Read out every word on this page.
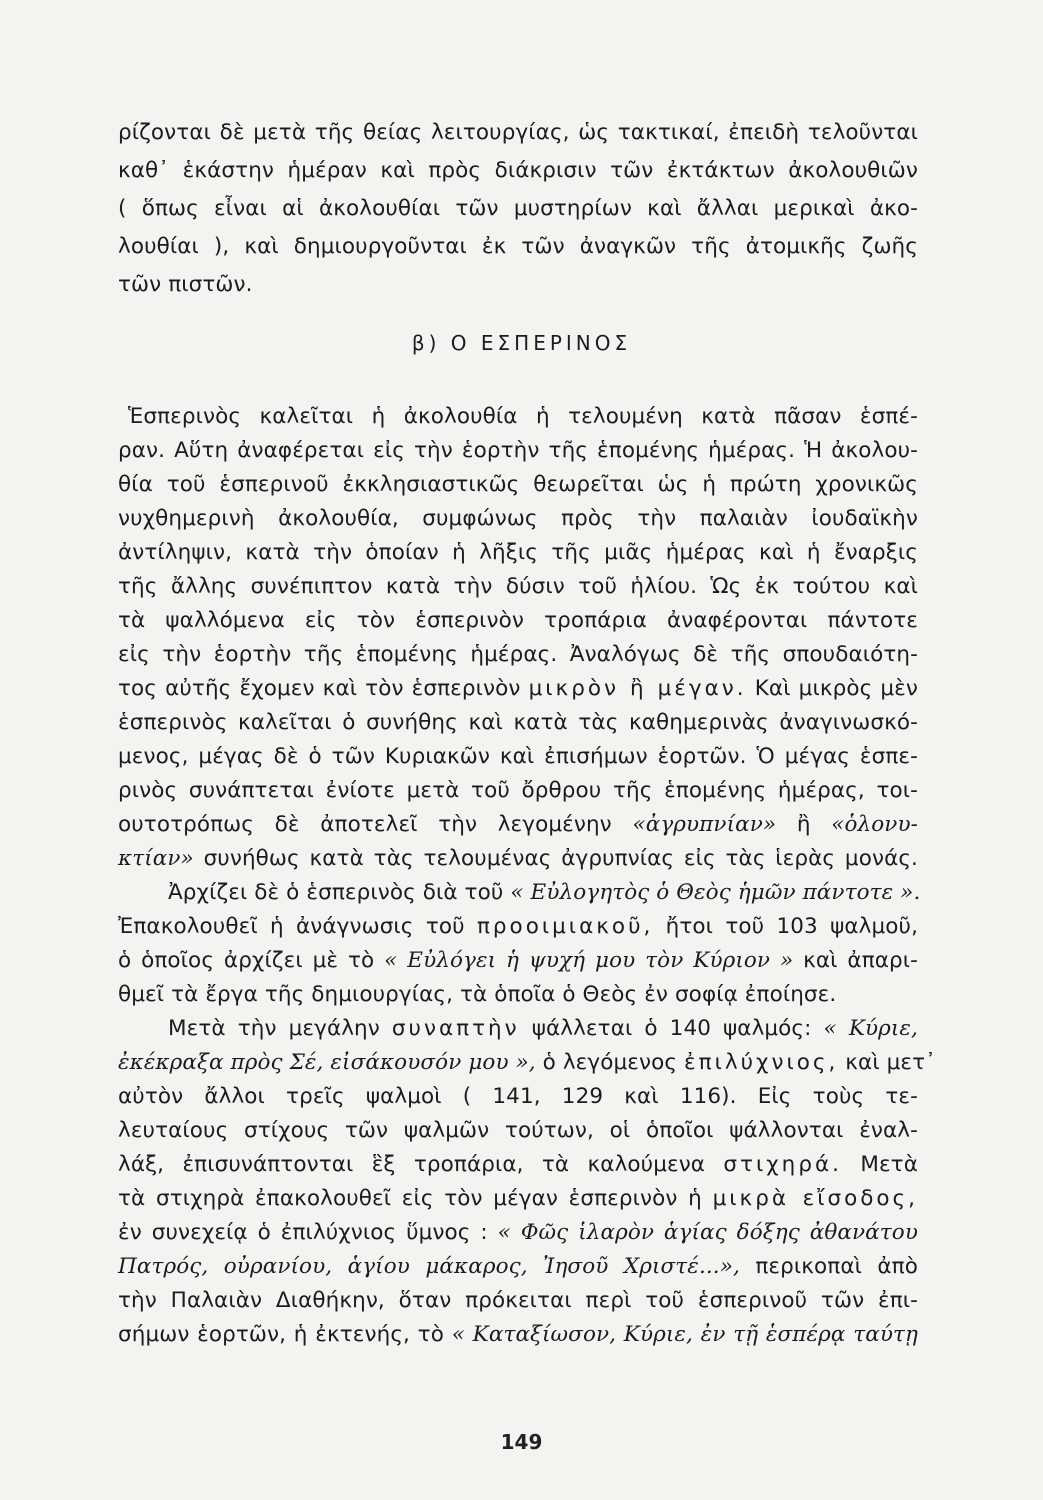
ρίζονται δὲ μετὰ τῆς θείας λειτουργίας, ὡς τακτικαί, ἐπειδὴ τελοῦνται
καθ᾽ ἑκάστην ἡμέραν καὶ πρὸς διάκρισιν τῶν ἐκτάκτων ἀκολουθιῶν
( ὅπως εἶναι αἱ ἀκολουθίαι τῶν μυστηρίων καὶ ἄλλαι μερικαὶ ἀκο-
λουθίαι ), καὶ δημιουργοῦνται ἐκ τῶν ἀναγκῶν τῆς ἀτομικῆς ζωῆς
τῶν πιστῶν.
β) Ο ΕΣΠΕΡΙΝΟΣ
Ἑσπερινὸς καλεῖται ἡ ἀκολουθία ἡ τελουμένη κατὰ πᾶσαν ἑσπέ-
ραν. Αὕτη ἀναφέρεται εἰς τὴν ἑορτὴν τῆς ἑπομένης ἡμέρας. Ἡ ἀκολου-
θία τοῦ ἑσπερινοῦ ἐκκλησιαστικῶς θεωρεῖται ὡς ἡ πρώτη χρονικῶς
νυχθημερινὴ ἀκολουθία, συμφώνως πρὸς τὴν παλαιὰν ἰουδαϊκὴν
ἀντίληψιν, κατὰ τὴν ὁποίαν ἡ λῆξις τῆς μιᾶς ἡμέρας καὶ ἡ ἔναρξις
τῆς ἄλλης συνέπιπτον κατὰ τὴν δύσιν τοῦ ἡλίου. Ὡς ἐκ τούτου καὶ
τὰ ψαλλόμενα εἰς τὸν ἑσπερινὸν τροπάρια ἀναφέρονται πάντοτε
εἰς τὴν ἑορτὴν τῆς ἑπομένης ἡμέρας. Ἀναλόγως δὲ τῆς σπουδαιότη-
τος αὐτῆς ἔχομεν καὶ τὸν ἑσπερινὸν μικρὸν ἢ μέγαν. Καὶ μικρὸς μὲν
ἑσπερινὸς καλεῖται ὁ συνήθης καὶ κατὰ τὰς καθημερινὰς ἀναγινωσκό-
μενος, μέγας δὲ ὁ τῶν Κυριακῶν καὶ ἐπισήμων ἑορτῶν. Ὁ μέγας ἑσπε-
ρινὸς συνάπτεται ἐνίοτε μετὰ τοῦ ὄρθρου τῆς ἑπομένης ἡμέρας, τοι-
ουτοτρόπως δὲ ἀποτελεῖ τὴν λεγομένην «ἀγρυπνίαν» ἢ «ὁλονυ-
κτίαν» συνήθως κατὰ τὰς τελουμένας ἀγρυπνίας εἰς τὰς ἱερὰς μονάς.
Ἀρχίζει δὲ ὁ ἑσπερινὸς διὰ τοῦ « Εὐλογητὸς ὁ Θεὸς ἡμῶν πάντοτε ».
Ἐπακολουθεῖ ἡ ἀνάγνωσις τοῦ προοιμιακοῦ, ἤτοι τοῦ 103 ψαλμοῦ,
ὁ ὁποῖος ἀρχίζει μὲ τὸ « Εὐλόγει ἡ ψυχή μου τὸν Κύριον » καὶ ἀπαρι-
θμεῖ τὰ ἔργα τῆς δημιουργίας, τὰ ὁποῖα ὁ Θεὸς ἐν σοφίᾳ ἐποίησε.
Μετὰ τὴν μεγάλην συναπτὴν ψάλλεται ὁ 140 ψαλμός: « Κύριε,
ἐκέκραξα πρὸς Σέ, εἰσάκουσόν μου », ὁ λεγόμενος ἐπιλύχνιος, καὶ μετ᾽
αὐτὸν ἄλλοι τρεῖς ψαλμοὶ ( 141, 129 καὶ 116). Εἰς τοὺς τε-
λευταίους στίχους τῶν ψαλμῶν τούτων, οἱ ὁποῖοι ψάλλονται ἐναλ-
λάξ, ἐπισυνάπτονται ἓξ τροπάρια, τὰ καλούμενα στιχηρά. Μετὰ
τὰ στιχηρὰ ἐπακολουθεῖ εἰς τὸν μέγαν ἑσπερινὸν ἡ μικρὰ εἴσοδος,
ἐν συνεχείᾳ ὁ ἐπιλύχνιος ὕμνος : « Φῶς ἱλαρὸν ἁγίας δόξης ἀθανάτου
Πατρός, οὐρανίου, ἁγίου μάκαρος, Ἰησοῦ Χριστέ...», περικοπαὶ ἀπὸ
τὴν Παλαιὰν Διαθήκην, ὅταν πρόκειται περὶ τοῦ ἑσπερινοῦ τῶν ἐπι-
σήμων ἑορτῶν, ἡ ἐκτενής, τὸ « Καταξίωσον, Κύριε, ἐν τῇ ἑσπέρᾳ ταύτῃ
149
